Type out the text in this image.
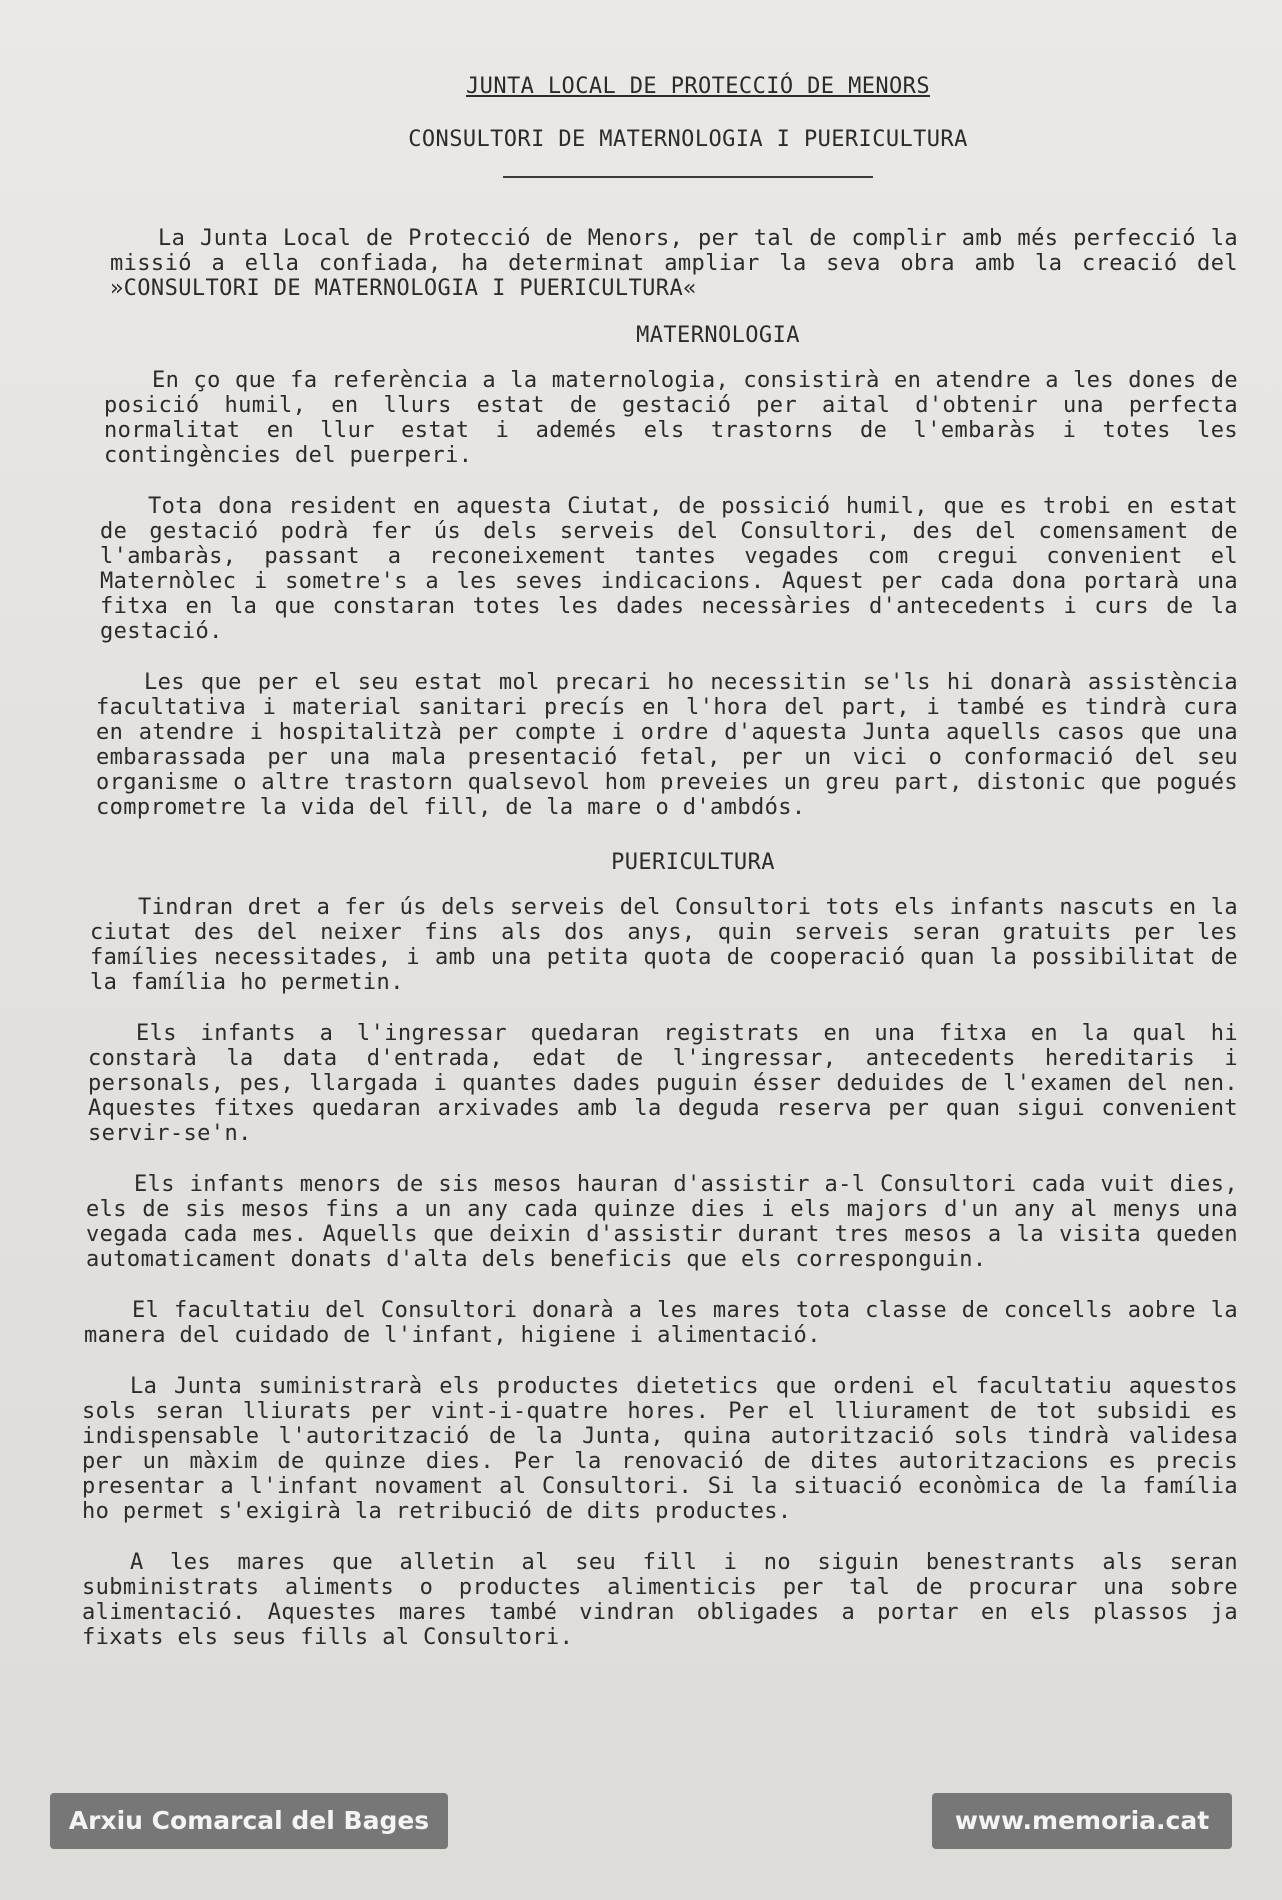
JUNTA LOCAL DE PROTECCIÓ DE MENORS
CONSULTORI DE MATERNOLOGIA I PUERICULTURA

La Junta Local de Protecció de Menors, per tal de complir amb més perfecció la missió a ella confiada, ha determinat ampliar la seva obra amb la creació del »CONSULTORI DE MATERNOLOGIA I PUERICULTURA«

MATERNOLOGIA

En ço que fa referència a la maternologia, consistirà en atendre a les dones de posició humil, en llurs estat de gestació per aital d'obtenir una perfecta normalitat en llur estat i ademés els trastorns de l'embaràs i totes les contingències del puerperi.

Tota dona resident en aquesta Ciutat, de possició humil, que es trobi en estat de gestació podrà fer ús dels serveis del Consultori, des del comensament de l'ambaràs, passant a reconeixement tantes vegades com cregui convenient el Maternòlec i sometre's a les seves indicacions. Aquest per cada dona portarà una fitxa en la que constaran totes les dades necessàries d'antecedents i curs de la gestació.

Les que per el seu estat mol precari ho necessitin se'ls hi donarà assistència facultativa i material sanitari precís en l'hora del part, i també es tindrà cura en atendre i hospitalitzà per compte i ordre d'aquesta Junta aquells casos que una embarassada per una mala presentació fetal, per un vici o conformació del seu organisme o altre trastorn qualsevol hom preveies un greu part, distonic que pogués comprometre la vida del fill, de la mare o d'ambdós.

PUERICULTURA

Tindran dret a fer ús dels serveis del Consultori tots els infants nascuts en la ciutat des del neixer fins als dos anys, quin serveis seran gratuits per les famílies necessitades, i amb una petita quota de cooperació quan la possibilitat de la família ho permetin.

Els infants a l'ingressar quedaran registrats en una fitxa en la qual hi constarà la data d'entrada, edat de l'ingressar, antecedents hereditaris i personals, pes, llargada i quantes dades puguin ésser deduides de l'examen del nen. Aquestes fitxes quedaran arxivades amb la deguda reserva per quan sigui convenient servir-se'n.

Els infants menors de sis mesos hauran d'assistir a-l Consultori cada vuit dies, els de sis mesos fins a un any cada quinze dies i els majors d'un any al menys una vegada cada mes. Aquells que deixin d'assistir durant tres mesos a la visita queden automaticament donats d'alta dels beneficis que els corresponguin.

El facultatiu del Consultori donarà a les mares tota classe de concells aobre la manera del cuidado de l'infant, higiene i alimentació.

La Junta suministrarà els productes dietetics que ordeni el facultatiu aquestos sols seran lliurats per vint-i-quatre hores. Per el lliurament de tot subsidi es indispensable l'autorització de la Junta, quina autorització sols tindrà validesa per un màxim de quinze dies. Per la renovació de dites autoritzacions es precis presentar a l'infant novament al Consultori. Si la situació econòmica de la família ho permet s'exigirà la retribució de dits productes.

A les mares que alletin al seu fill i no siguin benestrants als seran subministrats aliments o productes alimenticis per tal de procurar una sobre alimentació. Aquestes mares també vindran obligades a portar en els plassos ja fixats els seus fills al Consultori.

Arxiu Comarcal del Bages	www.memoria.cat
